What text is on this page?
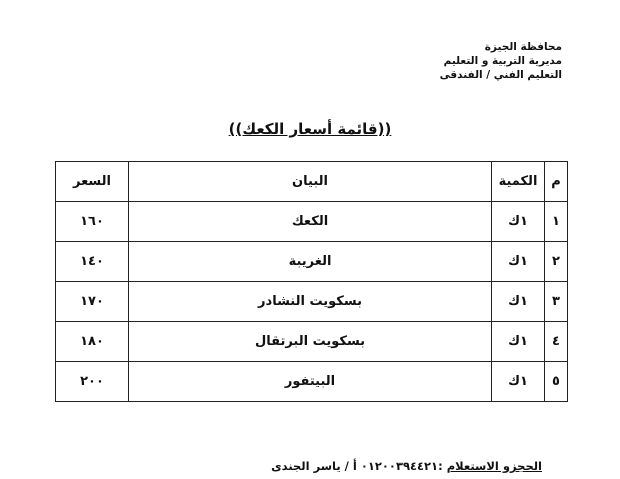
محافظة الجيزة
مديرية التربية و التعليم
التعليم الفني / الفندقى
((قائمة أسعار الكعك))
م	الكمية	البيان	السعر
١	١ك	الكعك	١٦٠
٢	١ك	الغريبة	١٤٠
٣	١ك	بسكويت النشادر	١٧٠
٤	١ك	بسكويت البرتقال	١٨٠
٥	١ك	البيتفور	٢٠٠
الحجزو الاستعلام :٠١٢٠٠٣٩٤٤٢١ أ / ياسر الجندى
